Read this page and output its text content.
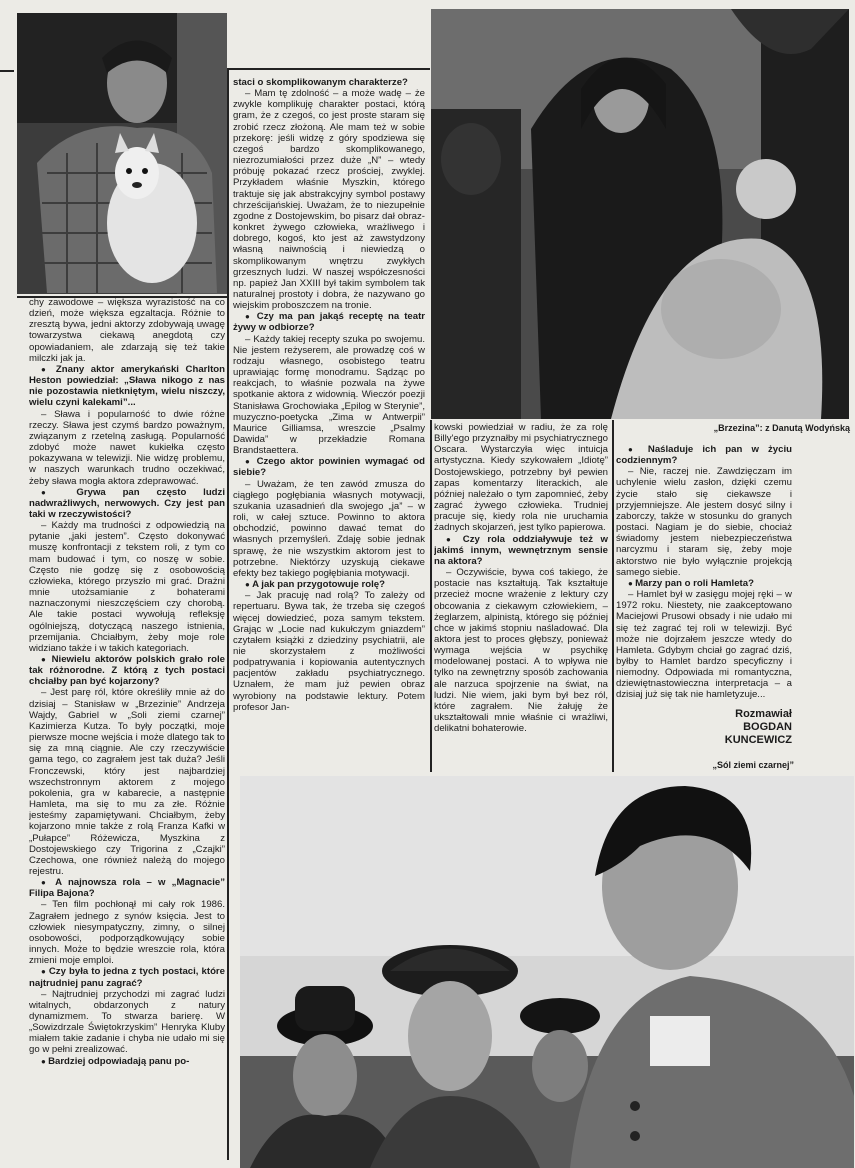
chy zawodowe – większa wyrazistość na co dzień, może większa egzaltacja. Różnie to zresztą bywa, jedni aktorzy zdobywają uwagę towarzystwa ciekawą anegdotą czy opowiadaniem, ale zdarzają się też takie milczki jak ja.

● Znany aktor amerykański Charlton Heston powiedział: „Sława nikogo z nas nie pozostawia nietkniętym, wielu niszczy, wielu czyni kalekami”...

– Sława i popularność to dwie różne rzeczy. Sława jest czymś bardzo poważnym, związanym z rzetelną zasługą. Popularność zdobyć może nawet kukiełka często pokazywana w telewizji. Nie widzę problemu, w naszych warunkach trudno oczekiwać, żeby sława mogła aktora zdeprawować.

● Grywa pan często ludzi nadwrażliwych, nerwowych. Czy jest pan taki w rzeczywistości?

– Każdy ma trudności z odpowiedzią na pytanie „jaki jestem”. Często dokonywać muszę konfrontacji z tekstem roli, z tym co mam budować i tym, co noszę w sobie. Często nie godzę się z osobowością człowieka, którego przyszło mi grać. Drażni mnie utożsamianie z bohaterami naznaczonymi nieszczęściem czy chorobą. Ale takie postaci wywołują refleksję ogólniejszą, dotyczącą naszego istnienia, przemijania. Chciałbym, żeby moje role widziano także i w takich kategoriach.

● Niewielu aktorów polskich grało role tak różnorodne. Z którą z tych postaci chciałby pan być kojarzony?

– Jest parę ról, które określiły mnie aż do dzisiaj – Stanisław w „Brzezinie” Andrzeja Wajdy, Gabriel w „Soli ziemi czarnej” Kazimierza Kutza. To były początki, moje pierwsze mocne wejścia i może dlatego tak to się za mną ciągnie. Ale czy rzeczywiście gama tego, co zagrałem jest tak duża? Jeśli Fronczewski, który jest najbardziej wszechstronnym aktorem z mojego pokolenia, gra w kabarecie, a następnie Hamleta, ma się to mu za złe. Różnie jesteśmy zapamiętywani. Chciałbym, żeby kojarzono mnie także z rolą Franza Kafki w „Pułapce” Różewicza, Myszkina z Dostojewskiego czy Trigorina z „Czajki” Czechowa, one również należą do mojego rejestru.

● A najnowsza rola – w „Magnacie” Filipa Bajona?

– Ten film pochłonął mi cały rok 1986. Zagrałem jednego z synów księcia. Jest to człowiek niesympatyczny, zimny, o silnej osobowości, podporządkowujący sobie innych. Może to będzie wreszcie rola, która zmieni moje emploi.

● Czy była to jedna z tych postaci, które najtrudniej panu zagrać?

– Najtrudniej przychodzi mi zagrać ludzi witalnych, obdarzonych z natury dynamizmem. To stwarza barierę. W „Sowizdrzale Świętokrzyskim” Henryka Kluby miałem takie zadanie i chyba nie udało mi się go w pełni zrealizować.

● Bardziej odpowiadają panu po-

staci o skomplikowanym charakterze?

– Mam tę zdolność – a może wadę – że zwykle komplikuję charakter postaci, którą gram, że z czegoś, co jest proste staram się zrobić rzecz złożoną. Ale mam też w sobie przekorę: jeśli widzę z góry spodziewa się czegoś bardzo skomplikowanego, niezrozumiałości przez duże „N” – wtedy próbuję pokazać rzecz prościej, zwyklej. Przykładem właśnie Myszkin, którego traktuje się jak abstrakcyjny symbol postawy chrześcijańskiej. Uważam, że to niezupełnie zgodne z Dostojewskim, bo pisarz dał obraz-konkret żywego człowieka, wrażliwego i dobrego, kogoś, kto jest aż zawstydzony własną naiwnością i niewiedzą o skomplikowanym wnętrzu zwykłych grzesznych ludzi. W naszej współczesności np. papież Jan XXIII był takim symbolem tak naturalnej prostoty i dobra, że nazywano go wiejskim proboszczem na tronie.

● Czy ma pan jakąś receptę na teatr żywy w odbiorze?

– Każdy takiej recepty szuka po swojemu. Nie jestem reżyserem, ale prowadzę coś w rodzaju własnego, osobistego teatru uprawiając formę monodramu. Sądząc po reakcjach, to właśnie pozwala na żywe spotkanie aktora z widownią. Wieczór poezji Stanisława Grochowiaka „Epilog w Sterynie”, muzyczno-poetycka „Zima w Antwerpii” Maurice Gilliamsa, wreszcie „Psalmy Dawida” w przekładzie Romana Brandstaettera.

● Czego aktor powinien wymagać od siebie?

– Uważam, że ten zawód zmusza do ciągłego pogłębiania własnych motywacji, szukania uzasadnień dla swojego „ja” – w roli, w całej sztuce. Powinno to aktora obchodzić, powinno dawać temat do własnych przemyśleń. Zdaję sobie jednak sprawę, że nie wszystkim aktorom jest to potrzebne. Niektórzy uzyskują ciekawe efekty bez takiego pogłębiania motywacji.

● A jak pan przygotowuje rolę?

– Jak pracuję nad rolą? To zależy od repertuaru. Bywa tak, że trzeba się czegoś więcej dowiedzieć, poza samym tekstem. Grając w „Locie nad kukułczym gniazdem” czytałem książki z dziedziny psychiatrii, ale nie skorzystałem z możliwości podpatrywania i kopiowania autentycznych pacjentów zakładu psychiatrycznego. Uznałem, że mam już pewien obraz wyrobiony na podstawie lektury. Potem profesor Jan-

kowski powiedział w radiu, że za rolę Billy'ego przyznałby mi psychiatrycznego Oscara. Wystarczyła więc intuicja artystyczna. Kiedy szykowałem „Idiotę” Dostojewskiego, potrzebny był pewien zapas komentarzy literackich, ale później należało o tym zapomnieć, żeby zagrać żywego człowieka. Trudniej pracuje się, kiedy rola nie uruchamia żadnych skojarzeń, jest tylko papierowa.

● Czy rola oddziaływuje też w jakimś innym, wewnętrznym sensie na aktora?

– Oczywiście, bywa coś takiego, że postacie nas kształtują. Tak kształtuje przecież mocne wrażenie z lektury czy obcowania z ciekawym człowiekiem, – żeglarzem, alpinistą, którego się później chce w jakimś stopniu naśladować. Dla aktora jest to proces głębszy, ponieważ wymaga wejścia w psychikę modelowanej postaci. A to wpływa nie tylko na zewnętrzny sposób zachowania ale narzuca spojrzenie na świat, na ludzi. Nie wiem, jaki bym był bez ról, które zagrałem. Nie żałuję że ukształtowali mnie właśnie ci wrażliwi, delikatni bohaterowie.

● Naśladuje ich pan w życiu codziennym?

– Nie, raczej nie. Zawdzięczam im uchylenie wielu zasłon, dzięki czemu życie stało się ciekawsze i przyjemniejsze. Ale jestem dosyć silny i zaborczy, także w stosunku do granych postaci. Nagiam je do siebie, chociaż świadomy jestem niebezpieczeństwa narcyzmu i staram się, żeby moje aktorstwo nie było wyłącznie projekcją samego siebie.

● Marzy pan o roli Hamleta?

– Hamlet był w zasięgu mojej ręki – w 1972 roku. Niestety, nie zaakceptowano Maciejowi Prusowi obsady i nie udało mi się też zagrać tej roli w telewizji. Być może nie dojrzałem jeszcze wtedy do Hamleta. Gdybym chciał go zagrać dziś, byłby to Hamlet bardzo specyficzny i niemodny. Odpowiada mi romantyczna, dziewiętnastowieczna interpretacja – a dzisiaj już się tak nie hamletyzuje...

„Brzezina”: z Danutą Wodyńską
Rozmawiał
BOGDAN
KUNCEWICZ
„Sól ziemi czarnej”
